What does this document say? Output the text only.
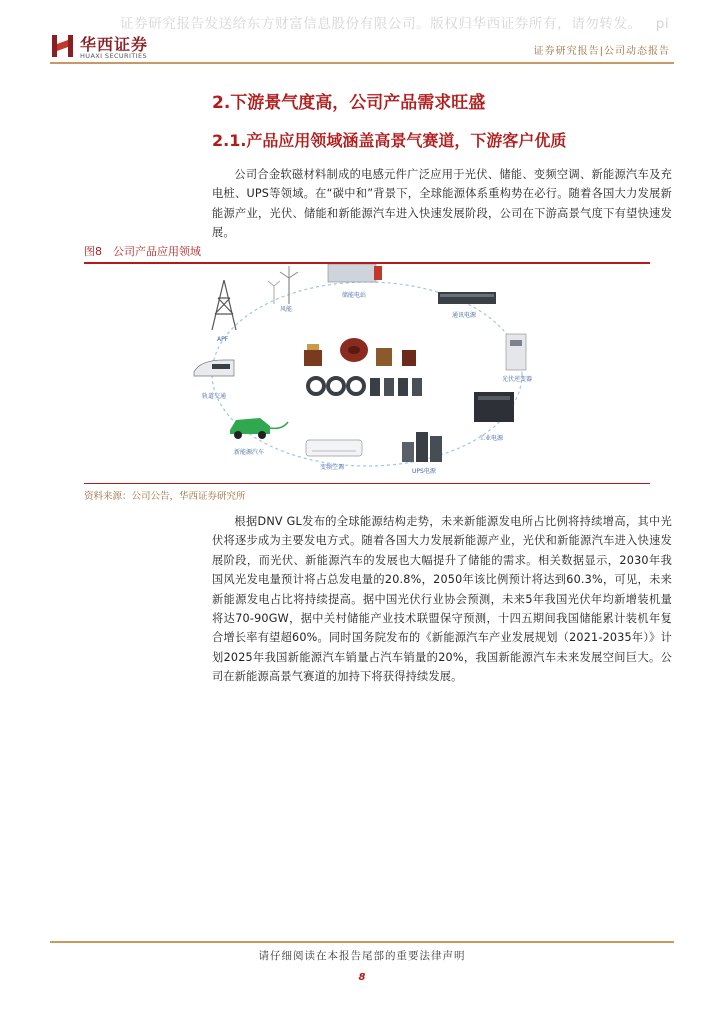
证券研究报告发送给东方财富信息股份有限公司。版权归华西证券所有，请勿转发。 pi
华西证券
HUAXI SECURITIES	证券研究报告|公司动态报告
2.下游景气度高，公司产品需求旺盛
2.1.产品应用领域涵盖高景气赛道，下游客户优质

公司合金软磁材料制成的电感元件广泛应用于光伏、储能、变频空调、新能源汽车及充电桩、UPS等领域。在“碳中和”背景下，全球能源体系重构势在必行。随着各国大力发展新能源产业，光伏、储能和新能源汽车进入快速发展阶段，公司在下游高景气度下有望快速发展。

图8　公司产品应用领域
APF
风能
储能电站
通讯电源
光伏逆变器
工业电源
UPS电源
变频空调
新能源汽车
轨道交通
资料来源：公司公告，华西证券研究所

根据DNV GL发布的全球能源结构走势，未来新能源发电所占比例将持续增高，其中光伏将逐步成为主要发电方式。随着各国大力发展新能源产业，光伏和新能源汽车进入快速发展阶段，而光伏、新能源汽车的发展也大幅提升了储能的需求。相关数据显示，2030年我国风光发电量预计将占总发电量的20.8%，2050年该比例预计将达到60.3%，可见，未来新能源发电占比将持续提高。据中国光伏行业协会预测，未来5年我国光伏年均新增装机量将达70-90GW，据中关村储能产业技术联盟保守预测，十四五期间我国储能累计装机年复合增长率有望超60%。同时国务院发布的《新能源汽车产业发展规划（2021-2035年）》计划2025年我国新能源汽车销量占汽车销量的20%，我国新能源汽车未来发展空间巨大。公司在新能源高景气赛道的加持下将获得持续发展。

请仔细阅读在本报告尾部的重要法律声明
8
